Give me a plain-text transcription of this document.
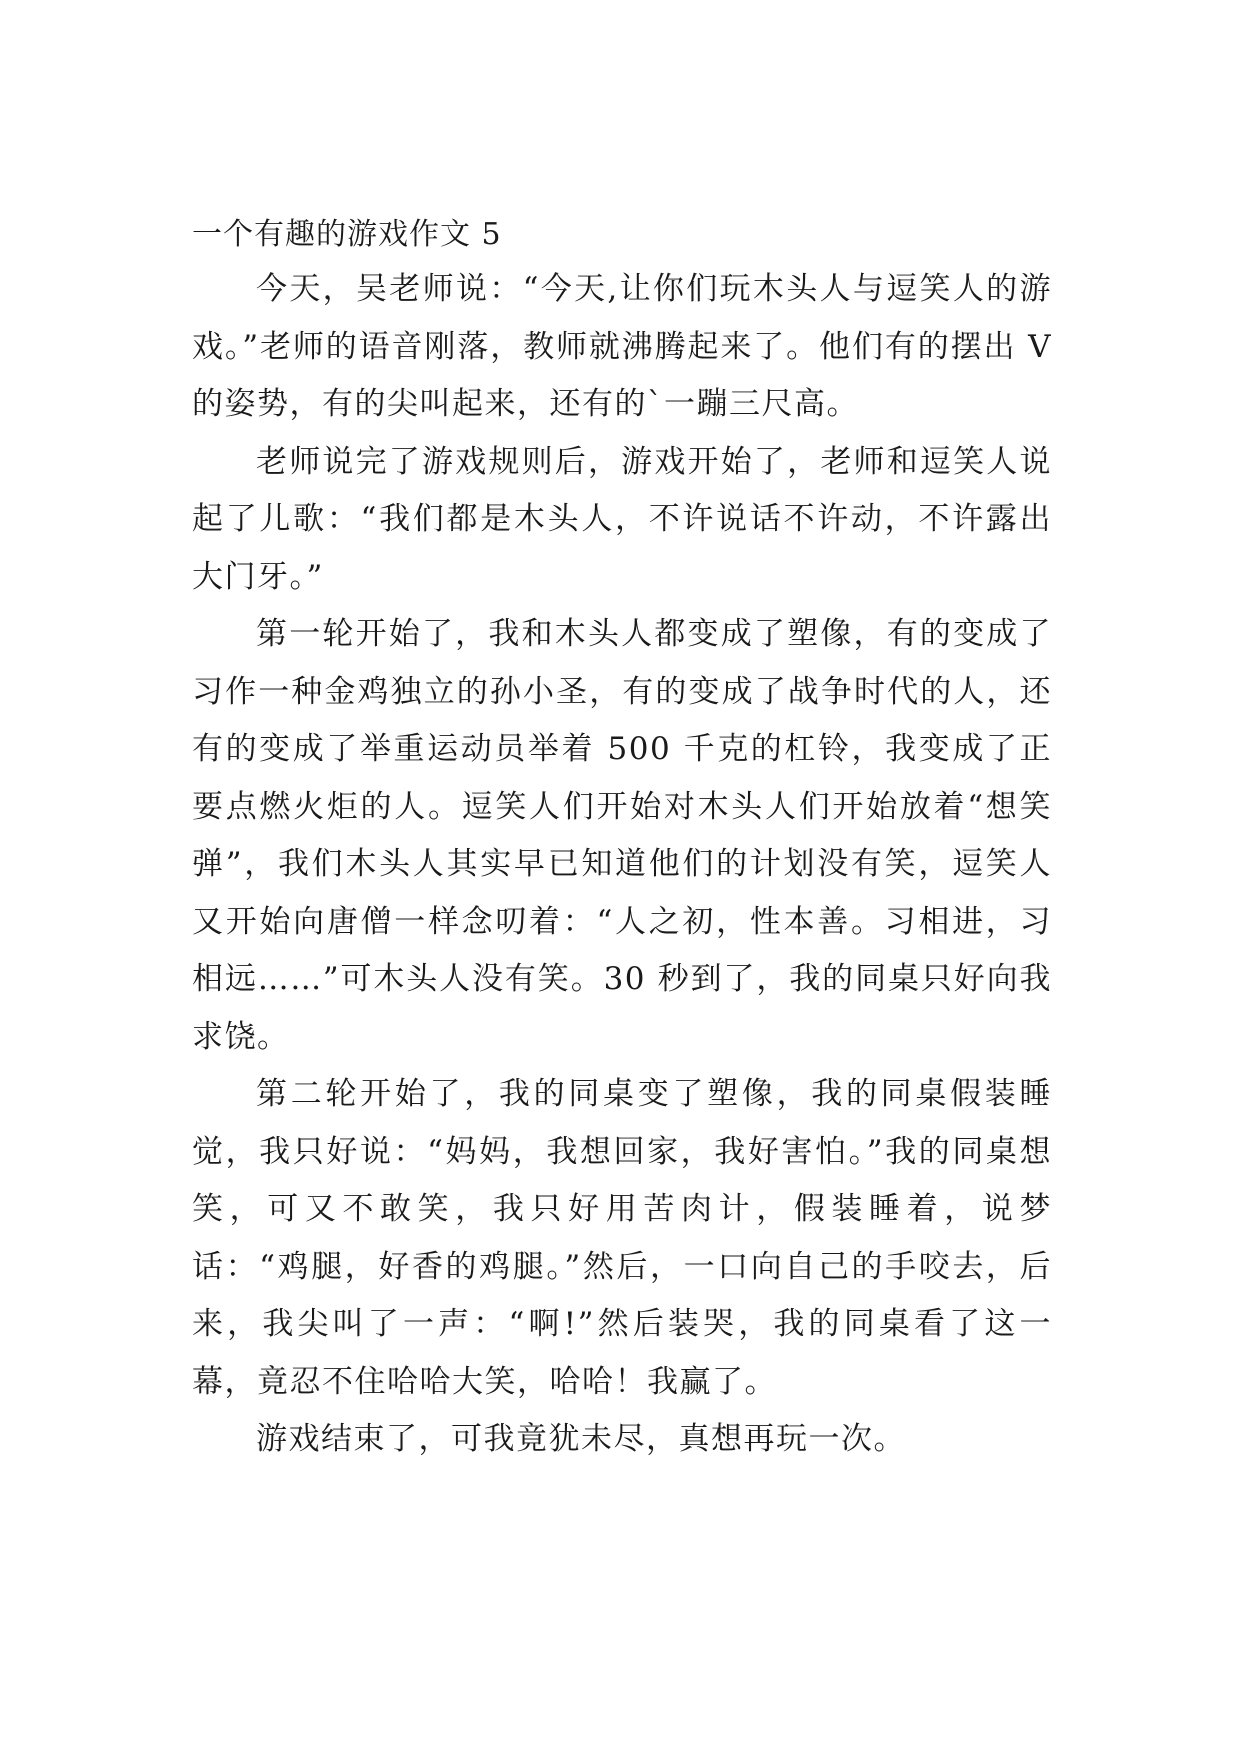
一个有趣的游戏作文 5

今天，吴老师说：“今天,让你们玩木头人与逗笑人的游戏。”老师的语音刚落，教师就沸腾起来了。他们有的摆出 V 的姿势，有的尖叫起来，还有的`一蹦三尺高。

老师说完了游戏规则后，游戏开始了，老师和逗笑人说起了儿歌：“我们都是木头人，不许说话不许动，不许露出大门牙。”

第一轮开始了，我和木头人都变成了塑像，有的变成了习作一种金鸡独立的孙小圣，有的变成了战争时代的人，还有的变成了举重运动员举着 500 千克的杠铃，我变成了正要点燃火炬的人。逗笑人们开始对木头人们开始放着“想笑弹”，我们木头人其实早已知道他们的计划没有笑，逗笑人又开始向唐僧一样念叨着：“人之初，性本善。习相进，习相远……”可木头人没有笑。30 秒到了，我的同桌只好向我求饶。

第二轮开始了，我的同桌变了塑像，我的同桌假装睡觉，我只好说：“妈妈，我想回家，我好害怕。”我的同桌想笑，可又不敢笑，我只好用苦肉计，假装睡着，说梦话：“鸡腿，好香的鸡腿。”然后，一口向自己的手咬去，后来，我尖叫了一声：“啊!”然后装哭，我的同桌看了这一幕，竟忍不住哈哈大笑，哈哈！我赢了。

游戏结束了，可我竟犹未尽，真想再玩一次。
